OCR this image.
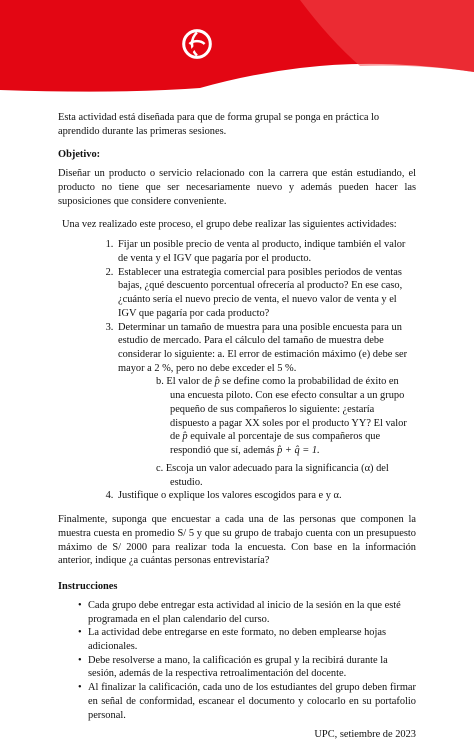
Esta actividad está diseñada para que de forma grupal se ponga en práctica lo aprendido durante las primeras sesiones.

Objetivo:

Diseñar un producto o servicio relacionado con la carrera que están estudiando, el producto no tiene que ser necesariamente nuevo y además pueden hacer las suposiciones que considere conveniente.

Una vez realizado este proceso, el grupo debe realizar las siguientes actividades:

1. Fijar un posible precio de venta al producto, indique también el valor de venta y el IGV que pagaría por el producto.
2. Establecer una estrategia comercial para posibles periodos de ventas bajas, ¿qué descuento porcentual ofrecería al producto? En ese caso, ¿cuánto sería el nuevo precio de venta, el nuevo valor de venta y el IGV que pagaría por cada producto?
3. Determinar un tamaño de muestra para una posible encuesta para un estudio de mercado. Para el cálculo del tamaño de muestra debe considerar lo siguiente: a. El error de estimación máximo (e) debe ser mayor a 2 %, pero no debe exceder el 5 %.
b. El valor de p̂ se define como la probabilidad de éxito en una encuesta piloto. Con ese efecto consultar a un grupo pequeño de sus compañeros lo siguiente: ¿estaría dispuesto a pagar XX soles por el producto YY? El valor de p̂ equivale al porcentaje de sus compañeros que respondió que sí, además p̂ + q̂ = 1.
c. Escoja un valor adecuado para la significancia (α) del estudio.
4. Justifique o explique los valores escogidos para e y α.

Finalmente, suponga que encuestar a cada una de las personas que componen la muestra cuesta en promedio S/ 5 y que su grupo de trabajo cuenta con un presupuesto máximo de S/ 2000 para realizar toda la encuesta. Con base en la información anterior, indique ¿a cuántas personas entrevistaría?

Instrucciones

• Cada grupo debe entregar esta actividad al inicio de la sesión en la que esté programada en el plan calendario del curso.
• La actividad debe entregarse en este formato, no deben emplearse hojas adicionales.
• Debe resolverse a mano, la calificación es grupal y la recibirá durante la sesión, además de la respectiva retroalimentación del docente.
• Al finalizar la calificación, cada uno de los estudiantes del grupo deben firmar en señal de conformidad, escanear el documento y colocarlo en su portafolio personal.

UPC, setiembre de 2023
